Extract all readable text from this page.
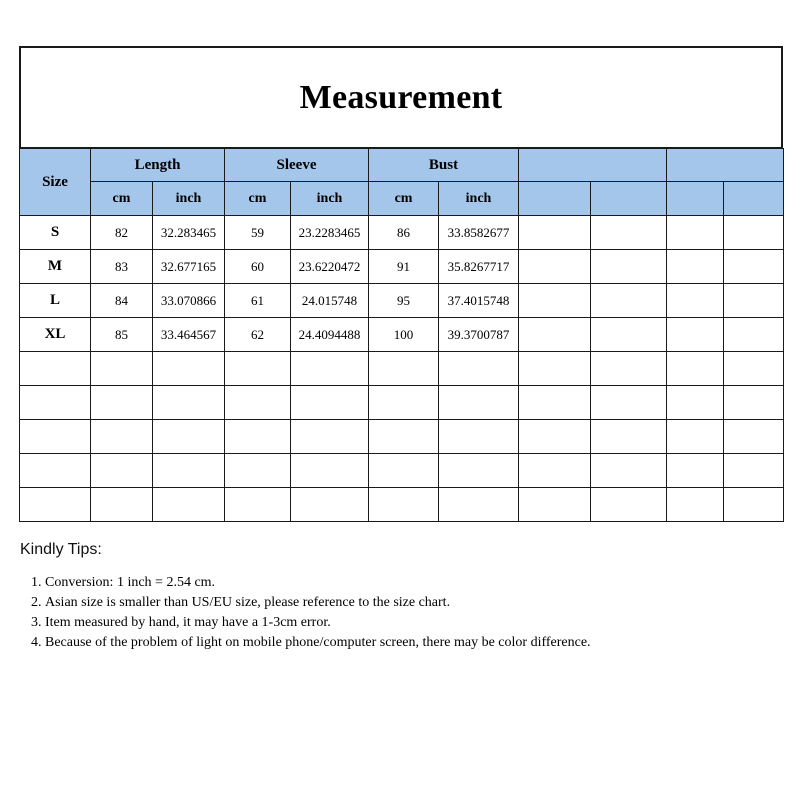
Measurement
Size	Length		Sleeve		Bust					
	cm	inch	cm	inch	cm	inch				
S	82	32.283465	59	23.2283465	86	33.8582677				
M	83	32.677165	60	23.6220472	91	35.8267717				
L	84	33.070866	61	24.015748	95	37.4015748				
XL	85	33.464567	62	24.4094488	100	39.3700787				

Kindly Tips:
1. Conversion: 1 inch = 2.54 cm.
2. Asian size is smaller than US/EU size, please reference to the size chart.
3. Item measured by hand, it may have a 1-3cm error.
4. Because of the problem of light on mobile phone/computer screen, there may be color difference.
